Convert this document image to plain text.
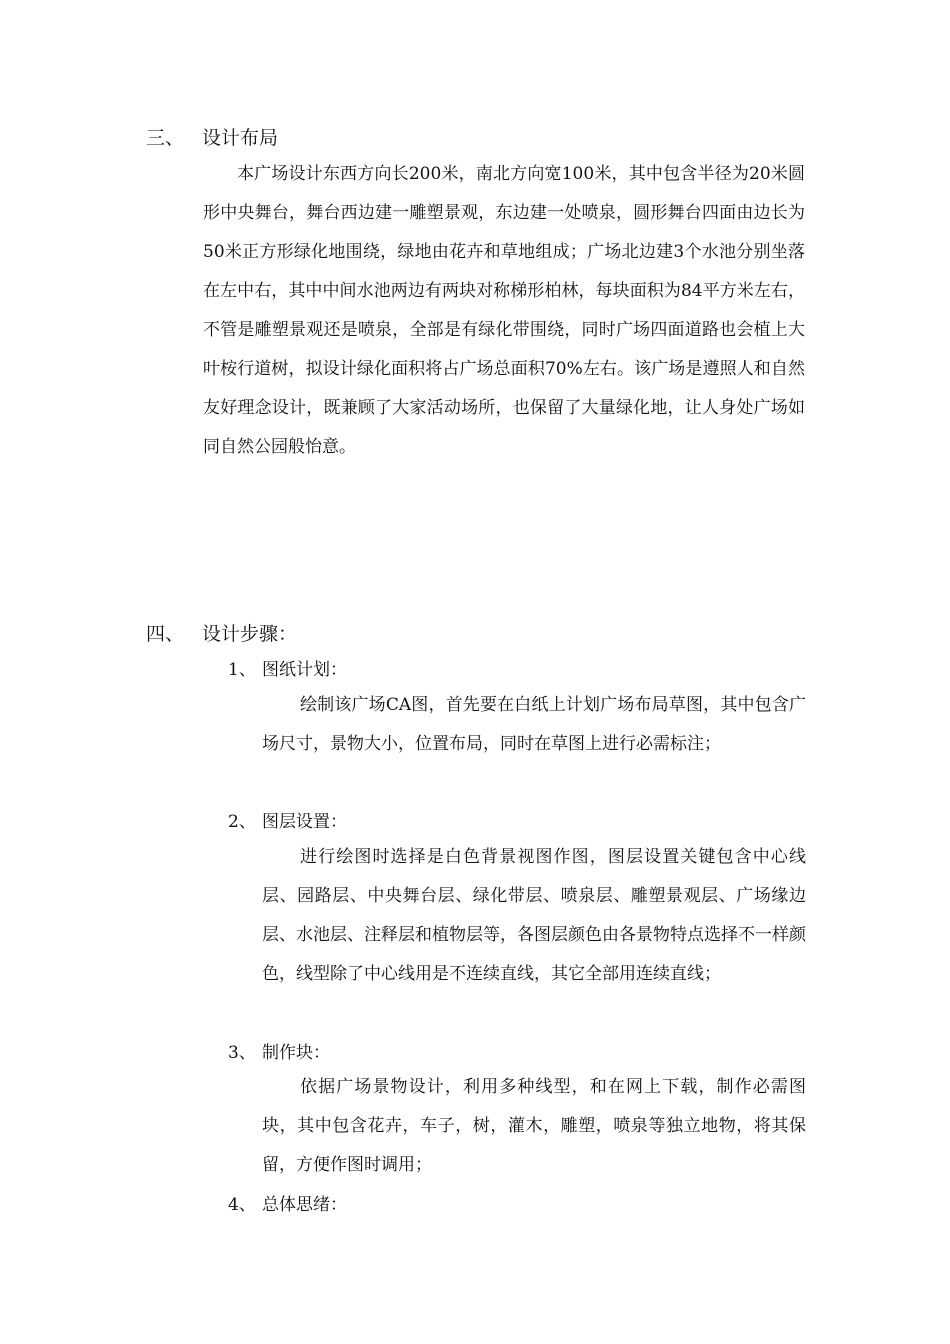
三、 设计布局

本广场设计东西方向长200米，南北方向宽100米，其中包含半径为20米圆形中央舞台，舞台西边建一雕塑景观，东边建一处喷泉，圆形舞台四面由边长为50米正方形绿化地围绕，绿地由花卉和草地组成；广场北边建3个水池分别坐落在左中右，其中中间水池两边有两块对称梯形柏林，每块面积为84平方米左右，不管是雕塑景观还是喷泉，全部是有绿化带围绕，同时广场四面道路也会植上大叶桉行道树，拟设计绿化面积将占广场总面积70%左右。该广场是遵照人和自然友好理念设计，既兼顾了大家活动场所，也保留了大量绿化地，让人身处广场如同自然公园般怡意。

四、 设计步骤：
1、 图纸计划：

绘制该广场CA图，首先要在白纸上计划广场布局草图，其中包含广场尺寸，景物大小，位置布局，同时在草图上进行必需标注；

2、 图层设置：

进行绘图时选择是白色背景视图作图，图层设置关键包含中心线层、园路层、中央舞台层、绿化带层、喷泉层、雕塑景观层、广场缘边层、水池层、注释层和植物层等，各图层颜色由各景物特点选择不一样颜色，线型除了中心线用是不连续直线，其它全部用连续直线；

3、 制作块：

依据广场景物设计，利用多种线型，和在网上下载，制作必需图块，其中包含花卉，车子，树，灌木，雕塑，喷泉等独立地物，将其保留，方便作图时调用；

4、 总体思绪：
